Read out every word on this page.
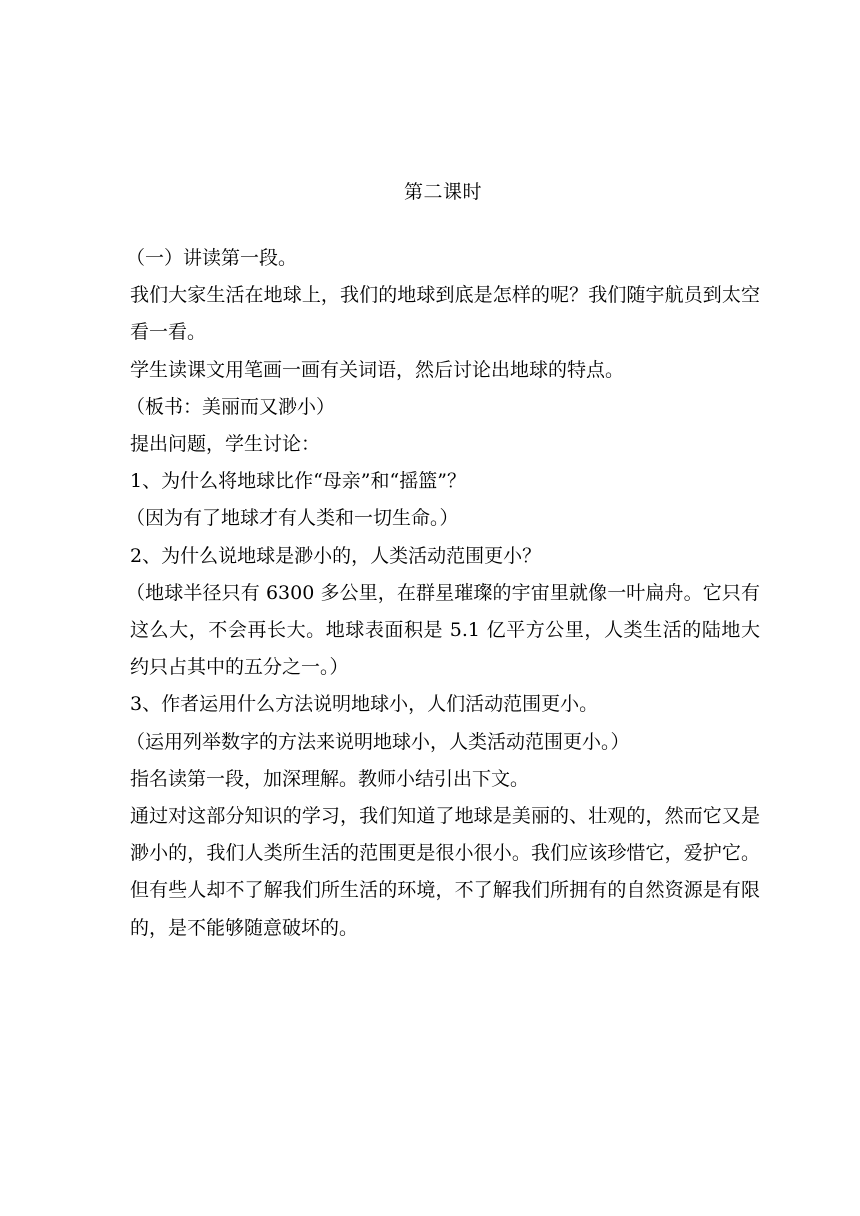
第二课时

（一）讲读第一段。

我们大家生活在地球上，我们的地球到底是怎样的呢？我们随宇航员到太空看一看。

学生读课文用笔画一画有关词语，然后讨论出地球的特点。

（板书：美丽而又渺小）

提出问题，学生讨论：

1、为什么将地球比作“母亲”和“摇篮”？

（因为有了地球才有人类和一切生命。）

2、为什么说地球是渺小的，人类活动范围更小？

（地球半径只有 6300 多公里，在群星璀璨的宇宙里就像一叶扁舟。它只有这么大，不会再长大。地球表面积是 5.1 亿平方公里，人类生活的陆地大约只占其中的五分之一。）

3、作者运用什么方法说明地球小，人们活动范围更小。

（运用列举数字的方法来说明地球小，人类活动范围更小。）

指名读第一段，加深理解。教师小结引出下文。

通过对这部分知识的学习，我们知道了地球是美丽的、壮观的，然而它又是渺小的，我们人类所生活的范围更是很小很小。我们应该珍惜它，爱护它。但有些人却不了解我们所生活的环境，不了解我们所拥有的自然资源是有限的，是不能够随意破坏的。
